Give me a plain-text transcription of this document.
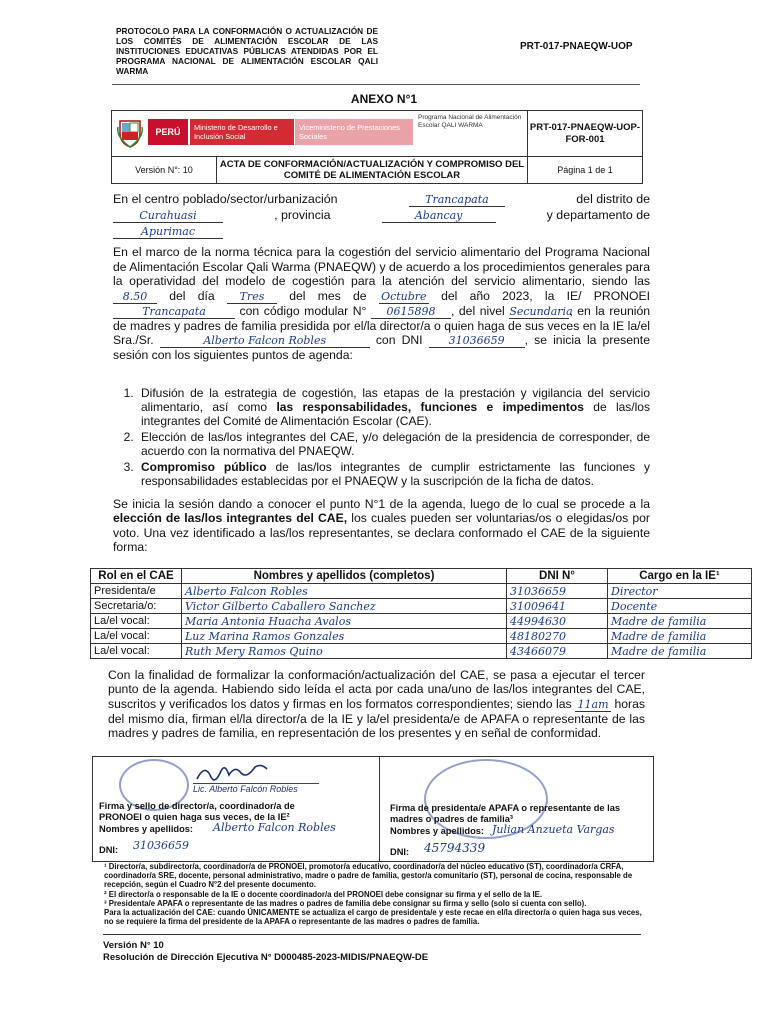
PROTOCOLO PARA LA CONFORMACIÓN O ACTUALIZACIÓN DE LOS COMITÉS DE ALIMENTACIÓN ESCOLAR DE LAS INSTITUCIONES EDUCATIVAS PÚBLICAS ATENDIDAS POR EL PROGRAMA NACIONAL DE ALIMENTACIÓN ESCOLAR QALI WARMA
PRT-017-PNAEQW-UOP
ANEXO N°1
PERÚ Ministerio de Desarrollo e Inclusión Social
Viceministerio de Prestaciones Sociales
Programa Nacional de Alimentación Escolar QALI WARMA		PRT-017-PNAEQW-UOP-FOR-001
Versión N°: 10	ACTA DE CONFORMACIÓN/ACTUALIZACIÓN Y COMPROMISO DEL COMITÉ DE ALIMENTACIÓN ESCOLAR	Página 1 de 1
En el centro poblado/sector/urbanización	Trancapata	del distrito de
Curahuasi	, provincia	Abancay	y departamento de
Apurimac
En el marco de la norma técnica para la cogestión del servicio alimentario del Programa Nacional de Alimentación Escolar Qali Warma (PNAEQW) y de acuerdo a los procedimientos generales para la operatividad del modelo de cogestión para la atención del servicio alimentario, siendo las 8.50 del día Tres del mes de Octubre del año 2023, la IE/ PRONOEI Trancapata	con código modular N° 0615898 , del nivel Secundaria, en la reunión de madres y padres de familia presidida por el/la director/a o quien haga de sus veces en la IE la/el Sra./Sr.	Alberto Falcon Robles	con DNI 31036659 , se inicia la presente sesión con los siguientes puntos de agenda:
1. Difusión de la estrategia de cogestión, las etapas de la prestación y vigilancia del servicio alimentario, así como las responsabilidades, funciones e impedimentos de las/los integrantes del Comité de Alimentación Escolar (CAE).
2. Elección de las/los integrantes del CAE, y/o delegación de la presidencia de corresponder, de acuerdo con la normativa del PNAEQW.
3. Compromiso público de las/los integrantes de cumplir estrictamente las funciones y responsabilidades establecidas por el PNAEQW y la suscripción de la ficha de datos.
Se inicia la sesión dando a conocer el punto N°1 de la agenda, luego de lo cual se procede a la elección de las/los integrantes del CAE, los cuales pueden ser voluntarias/os o elegidas/os por voto. Una vez identificado a las/los representantes, se declara conformado el CAE de la siguiente forma:
Rol en el CAE	Nombres y apellidos (completos)	DNI N°	Cargo en la IE¹
Presidenta/e	Alberto Falcon Robles	31036659	Director
Secretaria/o:	Victor Gilberto Caballero Sanchez	31009641	Docente
La/el vocal:	Maria Antonia Huacha Avalos	44994630	Madre de familia
La/el vocal:	Luz Marina Ramos Gonzales	48180270	Madre de familia
La/el vocal:	Ruth Mery Ramos Quino	43466079	Madre de familia
Con la finalidad de formalizar la conformación/actualización del CAE, se pasa a ejecutar el tercer punto de la agenda. Habiendo sido leída el acta por cada una/uno de las/los integrantes del CAE, suscritos y verificados los datos y firmas en los formatos correspondientes; siendo las 11am horas del mismo día, firman el/la director/a de la IE y la/el presidenta/e de APAFA o representante de las madres y padres de familia, en representación de los presentes y en señal de conformidad.
Lic. Alberto Falcón Robles
Firma y sello de director/a, coordinador/a de PRONOEI o quien haga sus veces, de la IE²
Nombres y apellidos: Alberto Falcon Robles
DNI: 31036659
Firma de presidenta/e APAFA o representante de las madres o padres de familia³
Nombres y apellidos: Julian Anzueta Vargas
DNI: 45794339
¹ Director/a, subdirector/a, coordinador/a de PRONOEI, promotor/a educativo, coordinador/a del núcleo educativo (ST), coordinador/a CRFA, coordinador/a SRE, docente, personal administrativo, madre o padre de familia, gestor/a comunitario (ST), personal de cocina, responsable de recepción, según el Cuadro N°2 del presente documento.
² El director/a o responsable de la IE o docente coordinador/a del PRONOEI debe consignar su firma y el sello de la IE.
³ Presidenta/e APAFA o representante de las madres o padres de familia debe consignar su firma y sello (solo si cuenta con sello).
Para la actualización del CAE: cuando ÚNICAMENTE se actualiza el cargo de presidenta/e y este recae en el/la director/a o quien haga sus veces, no se requiere la firma del presidente de la APAFA o representante de las madres o padres de familia.
Versión N° 10
Resolución de Dirección Ejecutiva N° D000485-2023-MIDIS/PNAEQW-DE
